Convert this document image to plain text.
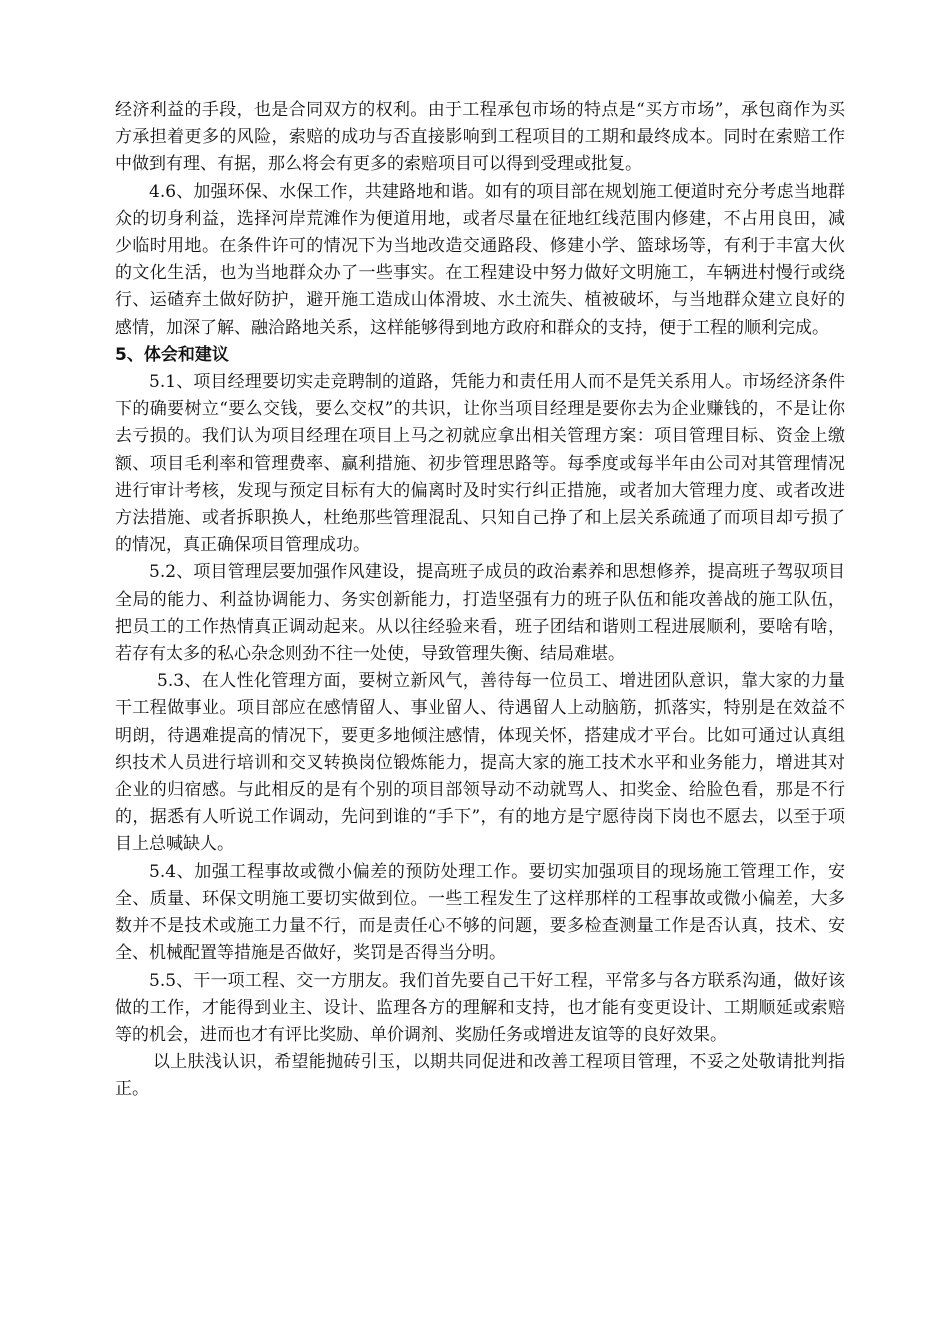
经济利益的手段，也是合同双方的权利。由于工程承包市场的特点是“买方市场”，承包商作为买方承担着更多的风险，索赔的成功与否直接影响到工程项目的工期和最终成本。同时在索赔工作中做到有理、有据，那么将会有更多的索赔项目可以得到受理或批复。

4.6、加强环保、水保工作，共建路地和谐。如有的项目部在规划施工便道时充分考虑当地群众的切身利益，选择河岸荒滩作为便道用地，或者尽量在征地红线范围内修建，不占用良田，减少临时用地。在条件许可的情况下为当地改造交通路段、修建小学、篮球场等，有利于丰富大伙的文化生活，也为当地群众办了一些事实。在工程建设中努力做好文明施工，车辆进村慢行或绕行、运碴弃土做好防护，避开施工造成山体滑坡、水土流失、植被破坏，与当地群众建立良好的感情，加深了解、融洽路地关系，这样能够得到地方政府和群众的支持，便于工程的顺利完成。

5、体会和建议

5.1、项目经理要切实走竞聘制的道路，凭能力和责任用人而不是凭关系用人。市场经济条件下的确要树立“要么交钱，要么交权”的共识，让你当项目经理是要你去为企业赚钱的，不是让你去亏损的。我们认为项目经理在项目上马之初就应拿出相关管理方案：项目管理目标、资金上缴额、项目毛利率和管理费率、赢利措施、初步管理思路等。每季度或每半年由公司对其管理情况进行审计考核，发现与预定目标有大的偏离时及时实行纠正措施，或者加大管理力度、或者改进方法措施、或者拆职换人，杜绝那些管理混乱、只知自己挣了和上层关系疏通了而项目却亏损了的情况，真正确保项目管理成功。

5.2、项目管理层要加强作风建设，提高班子成员的政治素养和思想修养，提高班子驾驭项目全局的能力、利益协调能力、务实创新能力，打造坚强有力的班子队伍和能攻善战的施工队伍，把员工的工作热情真正调动起来。从以往经验来看，班子团结和谐则工程进展顺利，要啥有啥，若存有太多的私心杂念则劲不往一处使，导致管理失衡、结局难堪。

5.3、在人性化管理方面，要树立新风气，善待每一位员工、增进团队意识，靠大家的力量干工程做事业。项目部应在感情留人、事业留人、待遇留人上动脑筋，抓落实，特别是在效益不明朗，待遇难提高的情况下，要更多地倾注感情，体现关怀，搭建成才平台。比如可通过认真组织技术人员进行培训和交叉转换岗位锻炼能力，提高大家的施工技术水平和业务能力，增进其对企业的归宿感。与此相反的是有个别的项目部领导动不动就骂人、扣奖金、给脸色看，那是不行的，据悉有人听说工作调动，先问到谁的“手下”，有的地方是宁愿待岗下岗也不愿去，以至于项目上总喊缺人。

5.4、加强工程事故或微小偏差的预防处理工作。要切实加强项目的现场施工管理工作，安全、质量、环保文明施工要切实做到位。一些工程发生了这样那样的工程事故或微小偏差，大多数并不是技术或施工力量不行，而是责任心不够的问题，要多检查测量工作是否认真，技术、安全、机械配置等措施是否做好，奖罚是否得当分明。

5.5、干一项工程、交一方朋友。我们首先要自己干好工程，平常多与各方联系沟通，做好该做的工作，才能得到业主、设计、监理各方的理解和支持，也才能有变更设计、工期顺延或索赔等的机会，进而也才有评比奖励、单价调剂、奖励任务或增进友谊等的良好效果。

以上肤浅认识，希望能抛砖引玉，以期共同促进和改善工程项目管理，不妥之处敬请批判指正。
